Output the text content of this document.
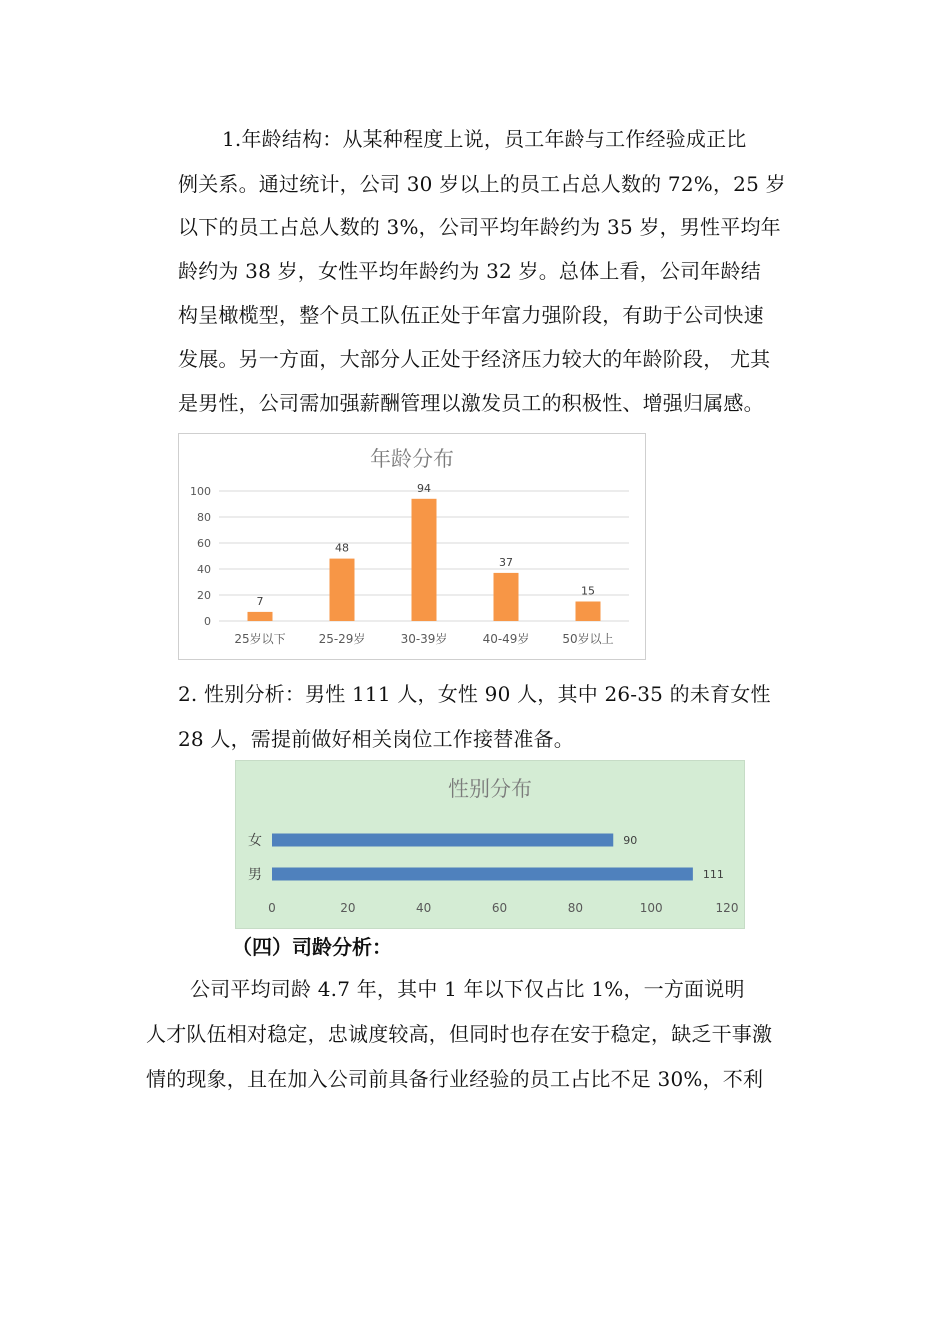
1.年龄结构：从某种程度上说，员工年龄与工作经验成正比
例关系。通过统计，公司 30 岁以上的员工占总人数的 72%，25 岁
以下的员工占总人数的 3%，公司平均年龄约为 35 岁，男性平均年
龄约为 38 岁，女性平均年龄约为 32 岁。总体上看，公司年龄结
构呈橄榄型，整个员工队伍正处于年富力强阶段，有助于公司快速
发展。另一方面，大部分人正处于经济压力较大的年龄阶段， 尤其
是男性，公司需加强薪酬管理以激发员工的积极性、增强归属感。
年龄分布
0
20
40
60
80
100
7
25岁以下
48
25-29岁
94
30-39岁
37
40-49岁
15
50岁以上
2. 性别分析：男性 111 人，女性 90 人，其中 26-35 的未育女性
28 人，需提前做好相关岗位工作接替准备。
性别分布
0	20	40	60	80	100	120
女	90
男	111
（四）司龄分析：
公司平均司龄 4.7 年，其中 1 年以下仅占比 1%，一方面说明
人才队伍相对稳定，忠诚度较高，但同时也存在安于稳定，缺乏干事激
情的现象，且在加入公司前具备行业经验的员工占比不足 30%，不利
